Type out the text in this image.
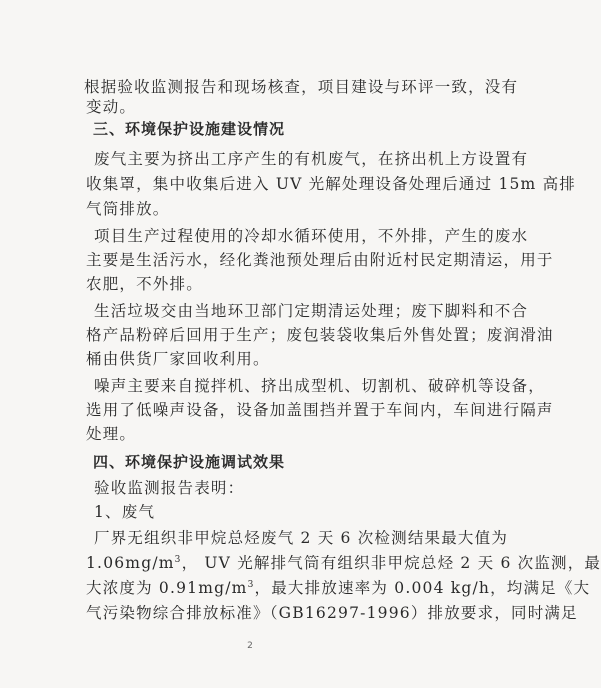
根据验收监测报告和现场核查，项目建设与环评一致，没有
变动。
三、环境保护设施建设情况
废气主要为挤出工序产生的有机废气，在挤出机上方设置有
收集罩，集中收集后进入 UV 光解处理设备处理后通过 15m 高排
气筒排放。
项目生产过程使用的冷却水循环使用，不外排，产生的废水
主要是生活污水，经化粪池预处理后由附近村民定期清运，用于
农肥，不外排。
生活垃圾交由当地环卫部门定期清运处理；废下脚料和不合
格产品粉碎后回用于生产；废包装袋收集后外售处置；废润滑油
桶由供货厂家回收利用。
噪声主要来自搅拌机、挤出成型机、切割机、破碎机等设备，
选用了低噪声设备，设备加盖围挡并置于车间内，车间进行隔声
处理。
四、环境保护设施调试效果
验收监测报告表明：
1、废气
厂界无组织非甲烷总烃废气 2 天 6 次检测结果最大值为
$1.06mg/m^3$， UV 光解排气筒有组织非甲烷总烃 2 天 6 次监测，最
大浓度为 $0.91mg/m^3$，最大排放速率为 0.004 kg/h，均满足《大
气污染物综合排放标准》（GB16297-1996）排放要求，同时满足
2
